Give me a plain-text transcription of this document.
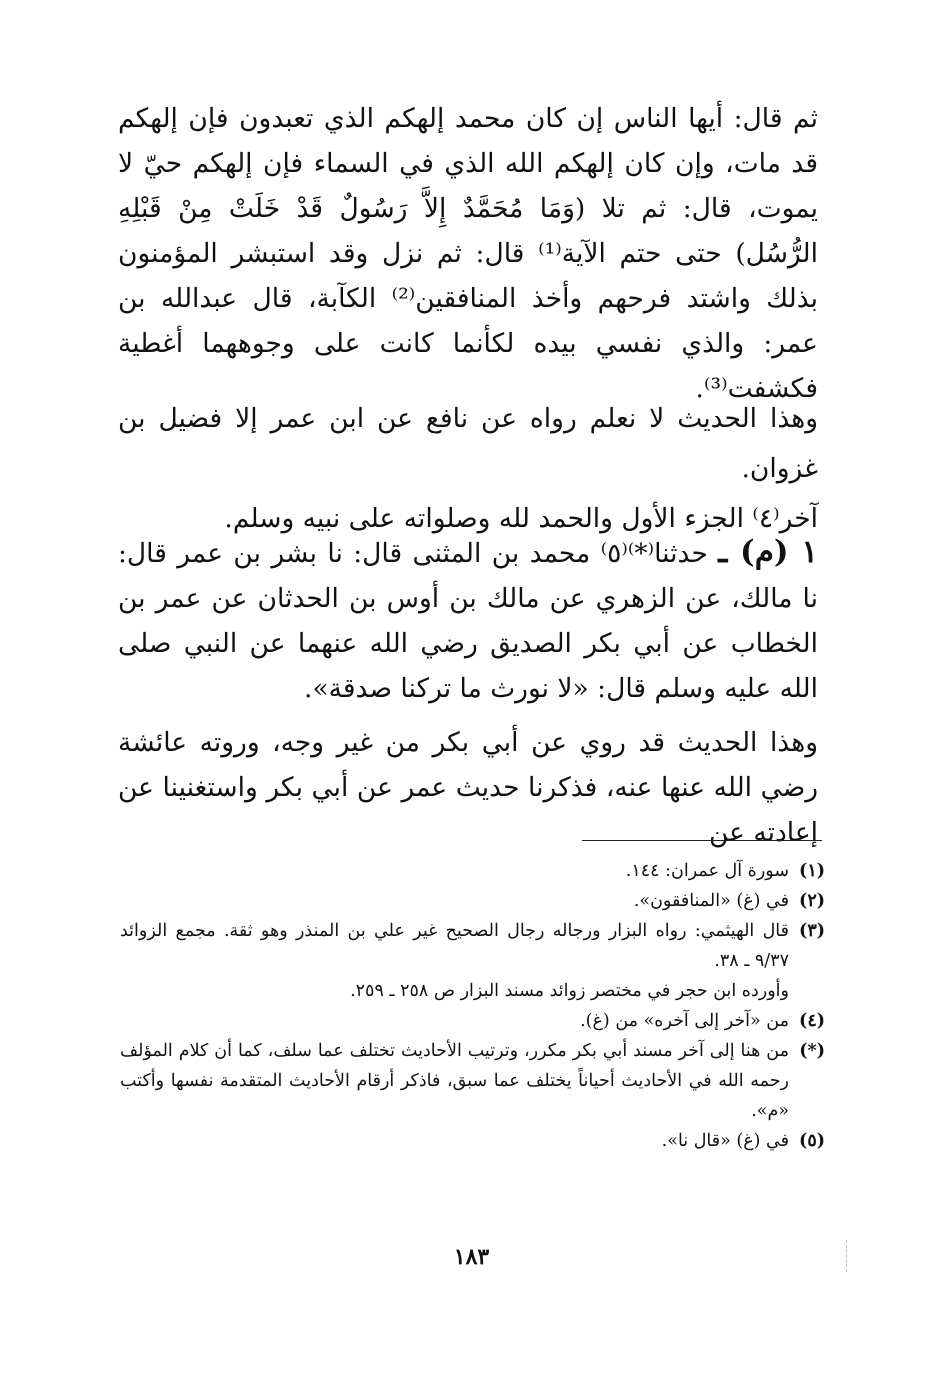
ثم قال: أيها الناس إن كان محمد إلهكم الذي تعبدون فإن إلهكم قد مات، وإن كان إلهكم الله الذي في السماء فإن إلهكم حيّ لا يموت، قال: ثم تلا (وَمَا مُحَمَّدٌ إِلاَّ رَسُولٌ قَدْ خَلَتْ مِنْ قَبْلِهِ الرُّسُل) حتى حتم الآية⁽¹⁾ قال: ثم نزل وقد استبشر المؤمنون بذلك واشتد فرحهم وأخذ المنافقين⁽²⁾ الكآبة، قال عبدالله بن عمر: والذي نفسي بيده لكأنما كانت على وجوههما أغطية فكشفت⁽³⁾.

وهذا الحديث لا نعلم رواه عن نافع عن ابن عمر إلا فضيل بن غزوان.
آخر⁽٤⁾ الجزء الأول والحمد لله وصلواته على نبيه وسلم.

١ (م) ـ حدثنا⁽*⁾⁽٥⁾ محمد بن المثنى قال: نا بشر بن عمر قال: نا مالك، عن الزهري عن مالك بن أوس بن الحدثان عن عمر بن الخطاب عن أبي بكر الصديق رضي الله عنهما عن النبي صلى الله عليه وسلم قال: «لا نورث ما تركنا صدقة».

وهذا الحديث قد روي عن أبي بكر من غير وجه، وروته عائشة رضي الله عنها عنه، فذكرنا حديث عمر عن أبي بكر واستغنينا عن إعادته عن

(١)
سورة آل عمران: ١٤٤.
(٢)
في (غ) «المنافقون».
(٣)
قال الهيثمي: رواه البزار ورجاله رجال الصحيح غير علي بن المنذر وهو ثقة. مجمع الزوائد ٩/٣٧ ـ ٣٨.
وأورده ابن حجر في مختصر زوائد مسند البزار ص ٢٥٨ ـ ٢٥٩.
(٤)
من «آخر إلى آخره» من (غ).
(*)
من هنا إلى آخر مسند أبي بكر مكرر، وترتيب الأحاديث تختلف عما سلف، كما أن كلام المؤلف رحمه الله في الأحاديث أحياناً يختلف عما سبق، فاذكر أرقام الأحاديث المتقدمة نفسها وأكتب «م».
(٥)
في (غ) «قال نا».
١٨٣
